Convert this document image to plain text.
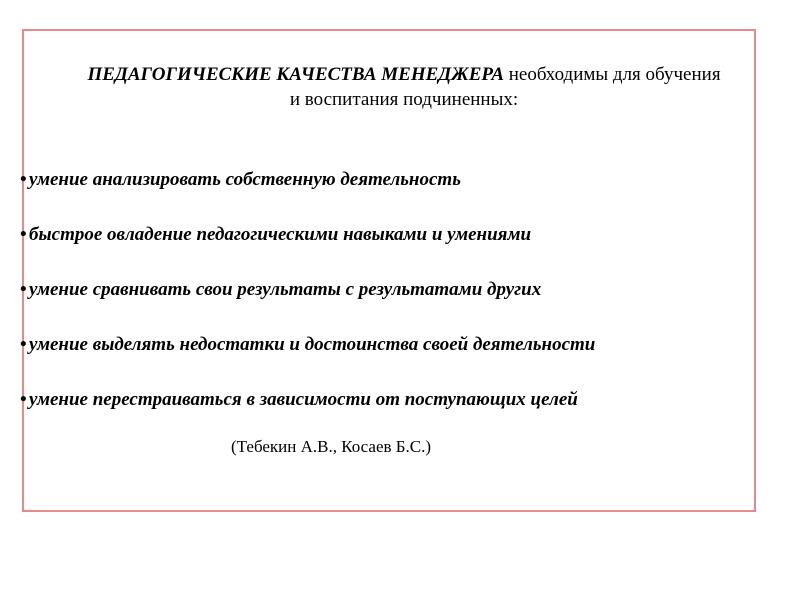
ПЕДАГОГИЧЕСКИЕ КАЧЕСТВА МЕНЕДЖЕРА необходимы для обучения
и воспитания подчиненных:
• умение анализировать собственную деятельность
• быстрое овладение педагогическими навыками и умениями
• умение сравнивать свои результаты с результатами других
• умение выделять недостатки и достоинства своей деятельности
• умение перестраиваться в зависимости от поступающих целей
(Тебекин А.В., Косаев Б.С.)
